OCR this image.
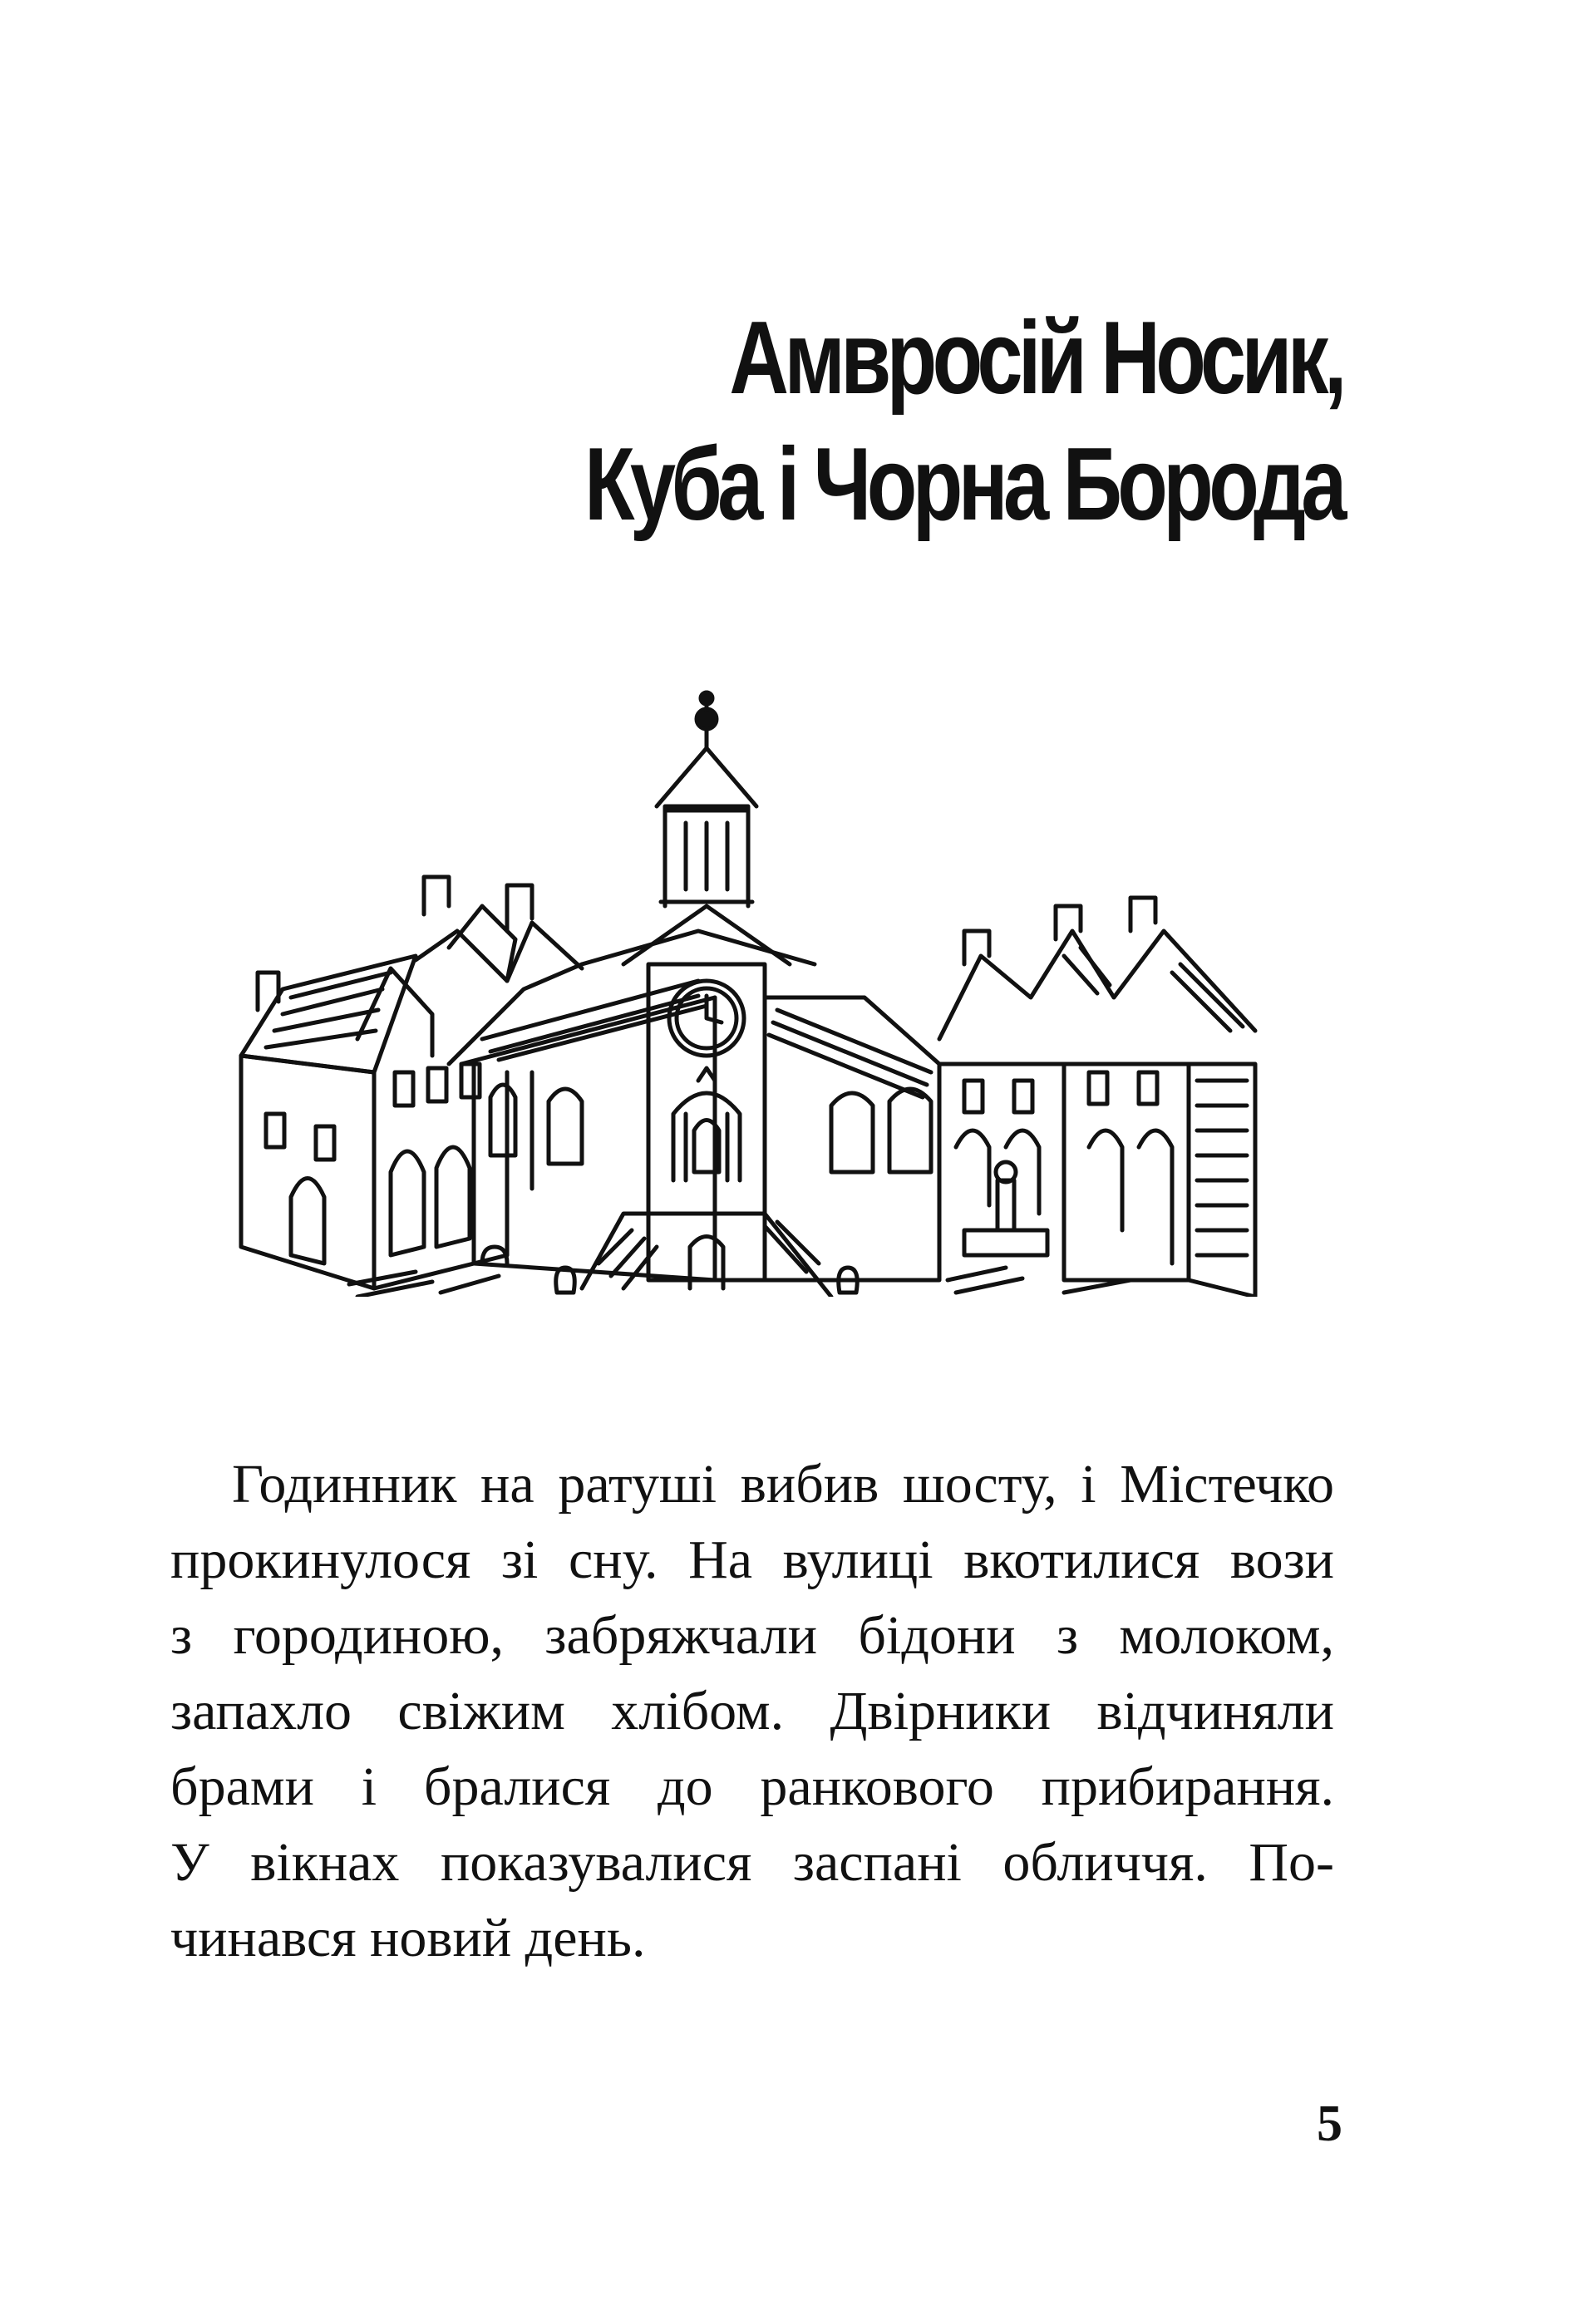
Амвросій Носик,
Куба і Чорна Борода
Годинник на ратуші вибив шосту, і Містечко
прокинулося зі сну. На вулиці вкотилися вози
з городиною, забряжчали бідони з молоком,
запахло свіжим хлібом. Двірники відчиняли
брами і бралися до ранкового прибирання.
У вікнах показувалися заспані обличчя. По-
чинався новий день.
5
